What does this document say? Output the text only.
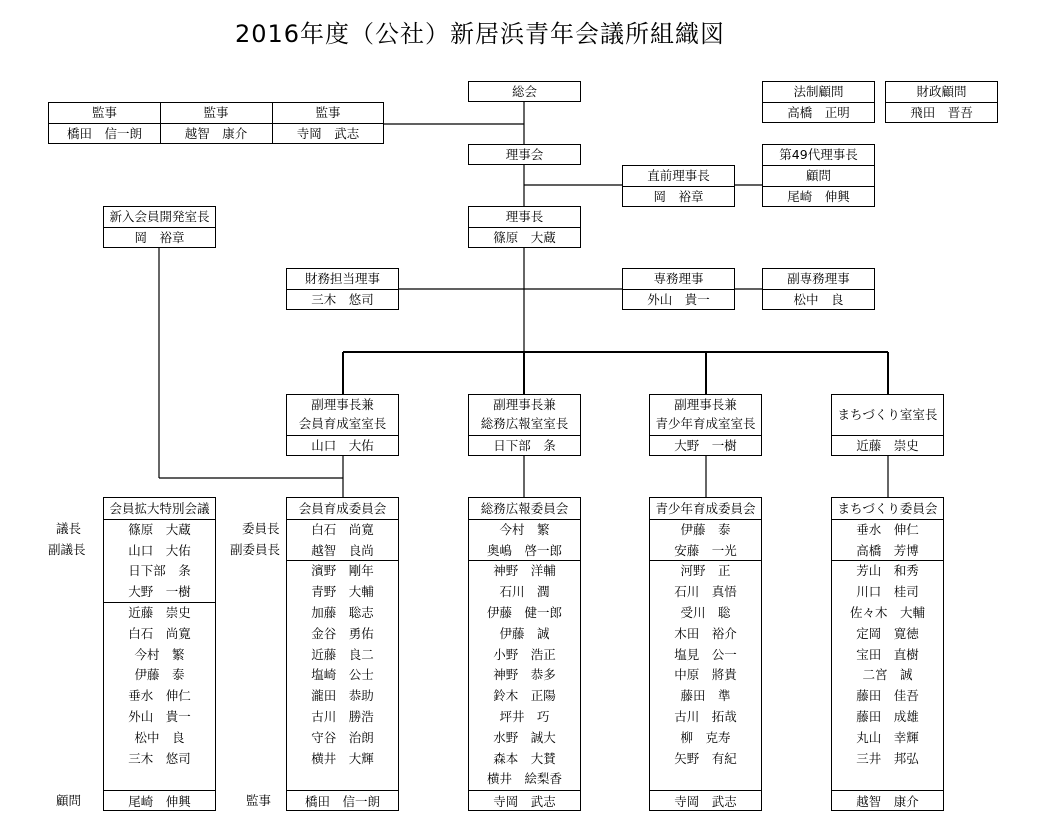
2016年度（公社）新居浜青年会議所組織図
法制顧問
高橋　正明
財政顧問
飛田　晋吾
総会
監事
橋田　信一朗
監事
越智　康介
監事
寺岡　武志
理事会
直前理事長
岡　裕章
第49代理事長
顧問
尾崎　伸興
新入会員開発室長
岡　裕章
理事長
篠原　大蔵
財務担当理事
三木　悠司
専務理事
外山　貴一
副専務理事
松中　良
副理事長兼
会員育成室室長
山口　大佑
副理事長兼
総務広報室室長
日下部　条
副理事長兼
青少年育成室室長
大野　一樹
まちづくり室室長
近藤　崇史
議長
副議長
顧問
委員長
副委員長
監事
会員拡大特別会議
篠原　大蔵
山口　大佑
日下部　条
大野　一樹
近藤　崇史
白石　尚寛
今村　繁
伊藤　泰
垂水　伸仁
外山　貴一
松中　良
三木　悠司
会員育成委員会
白石　尚寛
越智　良尚
濱野　剛年
青野　大輔
加藤　聡志
金谷　勇佑
近藤　良二
塩崎　公士
瀧田　恭助
古川　勝浩
守谷　治朗
横井　大輝
総務広報委員会
今村　繁
奥嶋　啓一郎
神野　洋輔
石川　潤
伊藤　健一郎
伊藤　誠
小野　浩正
神野　恭多
鈴木　正陽
坪井　巧
水野　誠大
森本　大賛
横井　絵梨香
青少年育成委員会
伊藤　泰
安藤　一光
河野　正
石川　真悟
受川　聡
木田　裕介
塩見　公一
中原　將貴
藤田　準
古川　拓哉
柳　克寿
矢野　有紀
まちづくり委員会
垂水　伸仁
高橋　芳博
芳山　和秀
川口　桂司
佐々木　大輔
定岡　寛徳
宝田　直樹
二宮　誠
藤田　佳吾
藤田　成雄
丸山　幸輝
三井　邦弘
尾崎　伸興	橋田　信一朗	寺岡　武志	寺岡　武志	越智　康介
